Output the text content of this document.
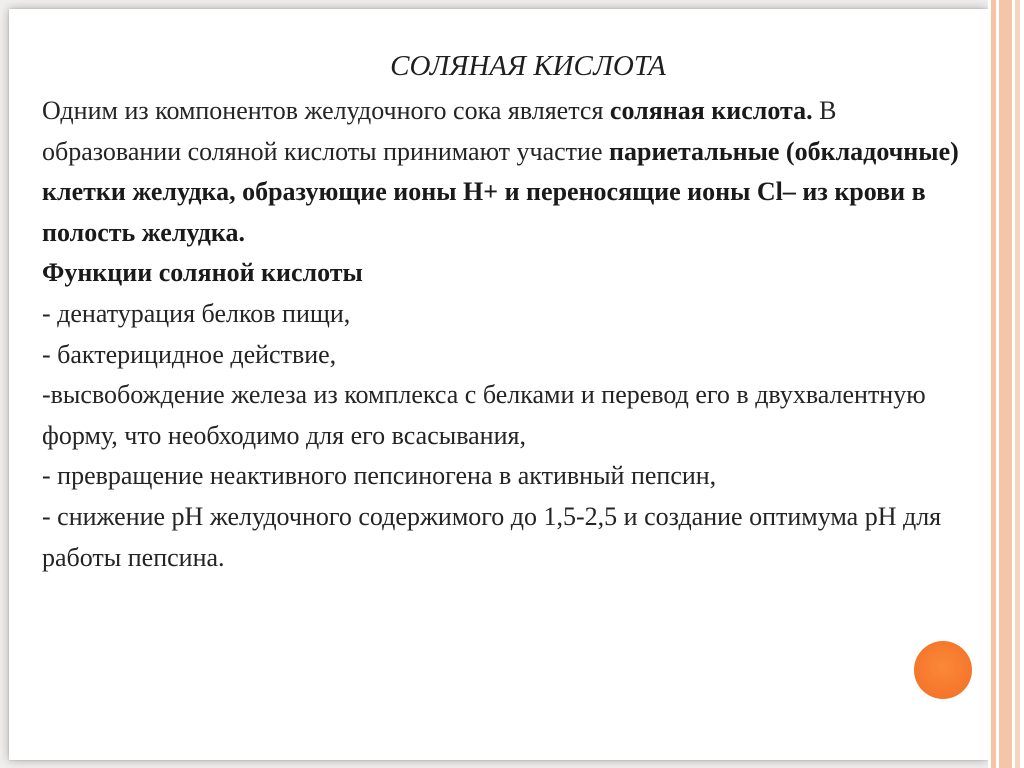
СОЛЯНАЯ КИСЛОТА

Одним из компонентов желудочного сока является соляная кислота. В образовании соляной кислоты принимают участие париетальные (обкладочные) клетки желудка, образующие ионы Н+ и переносящие ионы Cl– из крови в полость желудка.

Функции соляной кислоты

- денатурация белков пищи,

- бактерицидное действие,

-высвобождение железа из комплекса с белками и перевод его в двухвалентную форму, что необходимо для его всасывания,

- превращение неактивного пепсиногена в активный пепсин,

- снижение pH желудочного содержимого до 1,5-2,5 и создание оптимума pH для работы пепсина.
